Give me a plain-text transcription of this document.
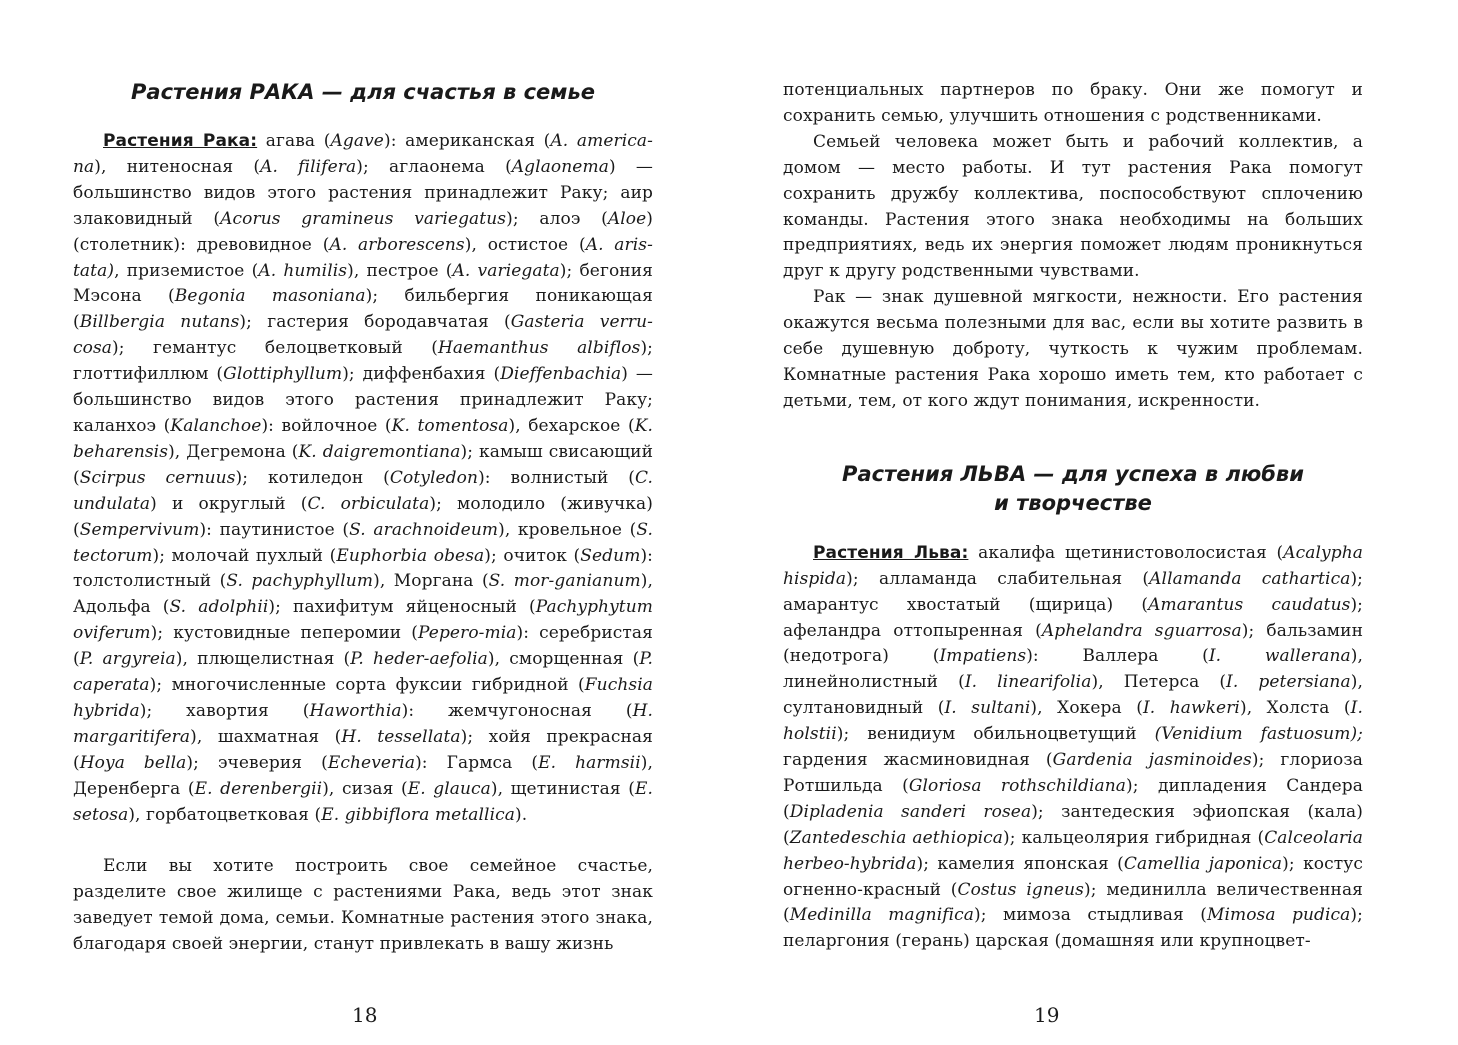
Растения РАКА — для счастья в семье

Растения Рака: агава (Agave): американская (A. america-na), нитеносная (A. filifera); аглаонема (Aglaonema) — большинство видов этого растения принадлежит Раку; аир злаковидный (Acorus gramineus variegatus); алоэ (Aloe) (столетник): древовидное (A. arborescens), остистое (A. aris-tata), приземистое (A. humilis), пестрое (A. variegata); бегония Мэсона (Begonia masoniana); бильбергия поникающая (Billbergia nutans); гастерия бородавчатая (Gasteria verru-cosa); гемантус белоцветковый (Haemanthus albiflos); глоттифиллюм (Glottiphyllum); диффенбахия (Dieffenbachia) — большинство видов этого растения принадлежит Раку; каланхоэ (Kalanchoe): войлочное (K. tomentosa), бехарское (K. beharensis), Дегремона (K. daigremontiana); камыш свисающий (Scirpus cernuus); котиледон (Cotyledon): волнистый (C. undulata) и округлый (C. orbiculata); молодило (живучка) (Sempervivum): паутинистое (S. arachnoideum), кровельное (S. tectorum); молочай пухлый (Euphorbia obesa); очиток (Sedum): толстолистный (S. pachyphyllum), Моргана (S. mor-ganianum), Адольфа (S. adolphii); пахифитум яйценосный (Pachyphytum oviferum); кустовидные пеперомии (Pepero-mia): серебристая (P. argyreia), плющелистная (P. heder-aefolia), сморщенная (P. caperata); многочисленные сорта фуксии гибридной (Fuchsia hybrida); хавортия (Haworthia): жемчугоносная (H. margaritifera), шахматная (H. tessellata); хойя прекрасная (Hoya bella); эчеверия (Echeveria): Гармса (E. harmsii), Деренберга (E. derenbergii), сизая (E. glauca), щетинистая (E. setosa), горбатоцветковая (E. gibbiflora metallica).

Если вы хотите построить свое семейное счастье, разделите свое жилище с растениями Рака, ведь этот знак заведует темой дома, семьи. Комнатные растения этого знака, благодаря своей энергии, станут привлекать в вашу жизнь

18

потенциальных партнеров по браку. Они же помогут и сохранить семью, улучшить отношения с родственниками.

Семьей человека может быть и рабочий коллектив, а домом — место работы. И тут растения Рака помогут сохранить дружбу коллектива, поспособствуют сплочению команды. Растения этого знака необходимы на больших предприятиях, ведь их энергия поможет людям проникнуться друг к другу родственными чувствами.

Рак — знак душевной мягкости, нежности. Его растения окажутся весьма полезными для вас, если вы хотите развить в себе душевную доброту, чуткость к чужим проблемам. Комнатные растения Рака хорошо иметь тем, кто работает с детьми, тем, от кого ждут понимания, искренности.

Растения ЛЬВА — для успеха в любви
и творчестве

Растения Льва: акалифа щетинистоволосистая (Acalypha hispida); алламанда слабительная (Allamanda cathartica); амарантус хвостатый (щирица) (Amarantus caudatus); афеландра оттопыренная (Aphelandra sguarrosa); бальзамин (недотрога) (Impatiens): Валлера (I. wallerana), линейнолистный (I. linearifolia), Петерса (I. petersiana), султановидный (I. sultani), Хокера (I. hawkeri), Холста (I. holstii); венидиум обильноцветущий (Venidium fastuosum); гардения жасминовидная (Gardenia jasminoides); глориоза Ротшильда (Gloriosa rothschildiana); дипладения Сандера (Dipladenia sanderi rosea); зантедеския эфиопская (кала) (Zantedeschia aethiopica); кальцеолярия гибридная (Calceolaria herbeo-hybrida); камелия японская (Camellia japonica); костус огненно-красный (Costus igneus); мединилла величественная (Medinilla magnifica); мимоза стыдливая (Mimosa pudica); пеларгония (герань) царская (домашняя или крупноцвет-

19
